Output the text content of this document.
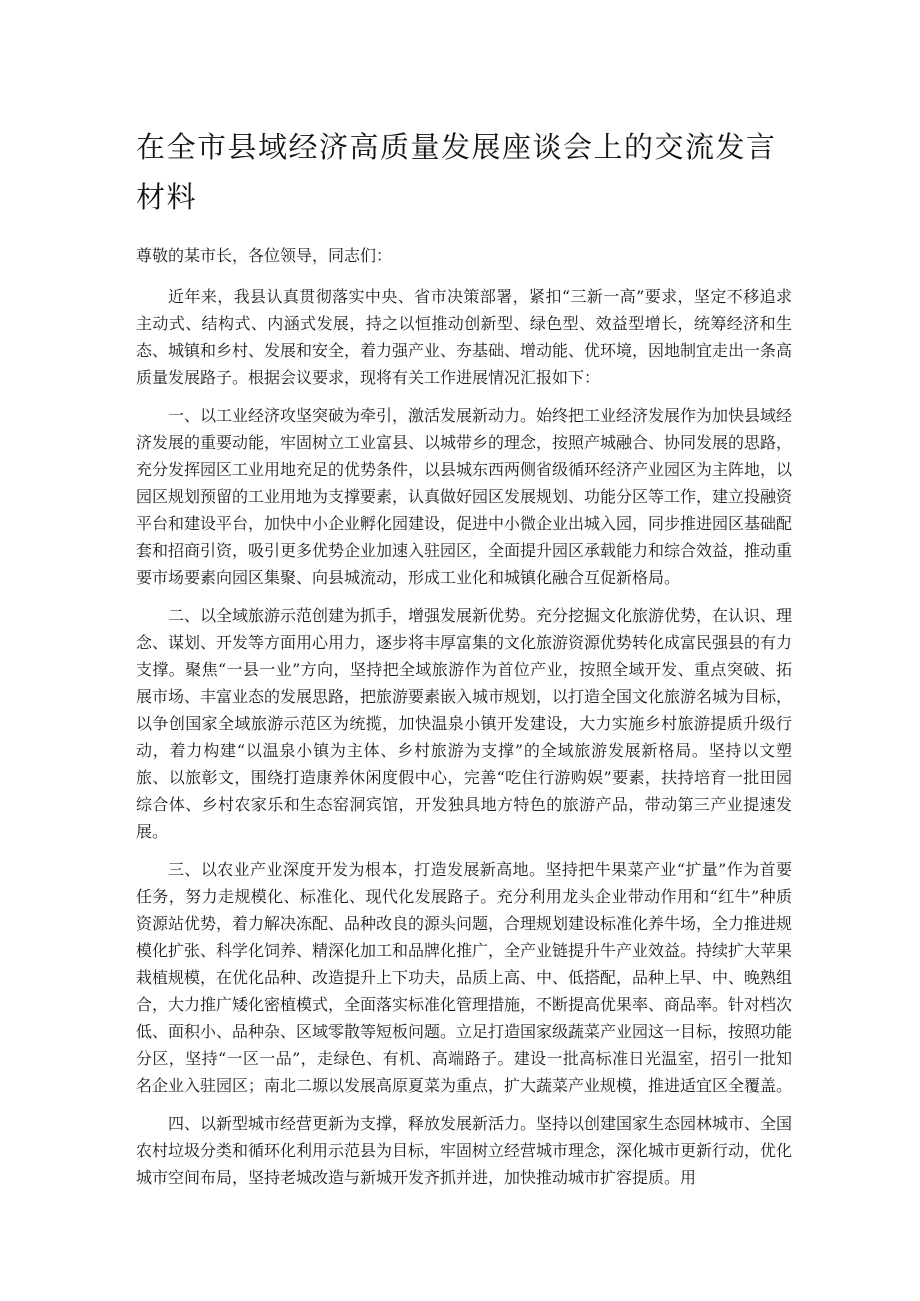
在全市县域经济高质量发展座谈会上的交流发言材料

尊敬的某市长，各位领导，同志们：

近年来，我县认真贯彻落实中央、省市决策部署，紧扣“三新一高”要求，坚定不移追求主动式、结构式、内涵式发展，持之以恒推动创新型、绿色型、效益型增长，统筹经济和生态、城镇和乡村、发展和安全，着力强产业、夯基础、增动能、优环境，因地制宜走出一条高质量发展路子。根据会议要求，现将有关工作进展情况汇报如下：

一、以工业经济攻坚突破为牵引，激活发展新动力。始终把工业经济发展作为加快县域经济发展的重要动能，牢固树立工业富县、以城带乡的理念，按照产城融合、协同发展的思路，充分发挥园区工业用地充足的优势条件，以县城东西两侧省级循环经济产业园区为主阵地，以园区规划预留的工业用地为支撑要素，认真做好园区发展规划、功能分区等工作，建立投融资平台和建设平台，加快中小企业孵化园建设，促进中小微企业出城入园，同步推进园区基础配套和招商引资，吸引更多优势企业加速入驻园区，全面提升园区承载能力和综合效益，推动重要市场要素向园区集聚、向县城流动，形成工业化和城镇化融合互促新格局。

二、以全域旅游示范创建为抓手，增强发展新优势。充分挖掘文化旅游优势，在认识、理念、谋划、开发等方面用心用力，逐步将丰厚富集的文化旅游资源优势转化成富民强县的有力支撑。聚焦“一县一业”方向，坚持把全域旅游作为首位产业，按照全域开发、重点突破、拓展市场、丰富业态的发展思路，把旅游要素嵌入城市规划，以打造全国文化旅游名城为目标，以争创国家全域旅游示范区为统揽，加快温泉小镇开发建设，大力实施乡村旅游提质升级行动，着力构建“以温泉小镇为主体、乡村旅游为支撑”的全域旅游发展新格局。坚持以文塑旅、以旅彰文，围绕打造康养休闲度假中心，完善“吃住行游购娱”要素，扶持培育一批田园综合体、乡村农家乐和生态窑洞宾馆，开发独具地方特色的旅游产品，带动第三产业提速发展。

三、以农业产业深度开发为根本，打造发展新高地。坚持把牛果菜产业“扩量”作为首要任务，努力走规模化、标准化、现代化发展路子。充分利用龙头企业带动作用和“红牛”种质资源站优势，着力解决冻配、品种改良的源头问题，合理规划建设标准化养牛场，全力推进规模化扩张、科学化饲养、精深化加工和品牌化推广，全产业链提升牛产业效益。持续扩大苹果栽植规模，在优化品种、改造提升上下功夫，品质上高、中、低搭配，品种上早、中、晚熟组合，大力推广矮化密植模式，全面落实标准化管理措施，不断提高优果率、商品率。针对档次低、面积小、品种杂、区域零散等短板问题。立足打造国家级蔬菜产业园这一目标，按照功能分区，坚持“一区一品”，走绿色、有机、高端路子。建设一批高标准日光温室，招引一批知名企业入驻园区；南北二塬以发展高原夏菜为重点，扩大蔬菜产业规模，推进适宜区全覆盖。

四、以新型城市经营更新为支撑，释放发展新活力。坚持以创建国家生态园林城市、全国农村垃圾分类和循环化利用示范县为目标，牢固树立经营城市理念，深化城市更新行动，优化城市空间布局，坚持老城改造与新城开发齐抓并进，加快推动城市扩容提质。用
